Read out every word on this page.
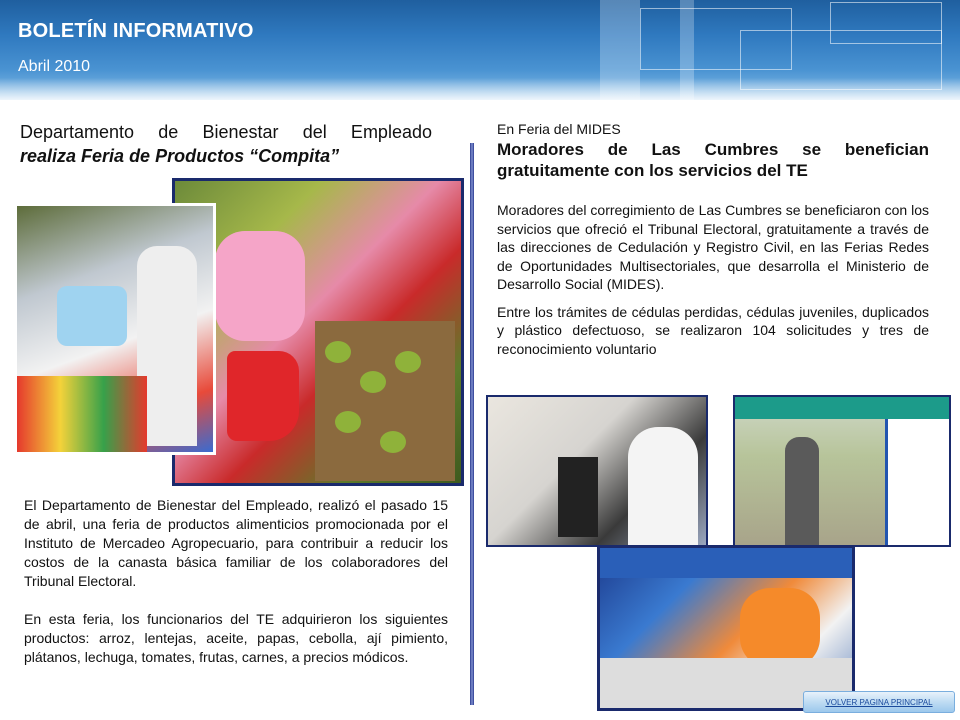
BOLETÍN INFORMATIVO
Abril 2010
Departamento de Bienestar del Empleado
realiza Feria de Productos “Compita”

El Departamento de Bienestar del Empleado, realizó el pasado 15 de abril, una feria de productos alimenticios promocionada por el Instituto de Mercadeo Agropecuario, para contribuir a reducir los costos de la canasta básica familiar de los colaboradores del Tribunal Electoral.

En esta feria, los funcionarios del TE adquirieron los siguientes productos: arroz, lentejas, aceite, papas, cebolla, ají pimiento, plátanos, lechuga, tomates, frutas, carnes, a precios módicos.

En Feria del MIDES
Moradores de Las Cumbres se benefician
gratuitamente con los servicios del TE

Moradores del corregimiento de Las Cumbres se beneficiaron con los servicios que ofreció el Tribunal Electoral, gratuitamente a través de las direcciones de Cedulación y Registro Civil, en las Ferias Redes de Oportunidades Multisectoriales, que desarrolla el Ministerio de Desarrollo Social (MIDES).

Entre los trámites de cédulas perdidas, cédulas juveniles, duplicados y plástico defectuoso, se realizaron 104 solicitudes y tres de reconocimiento voluntario

VOLVER PAGINA PRINCIPAL
